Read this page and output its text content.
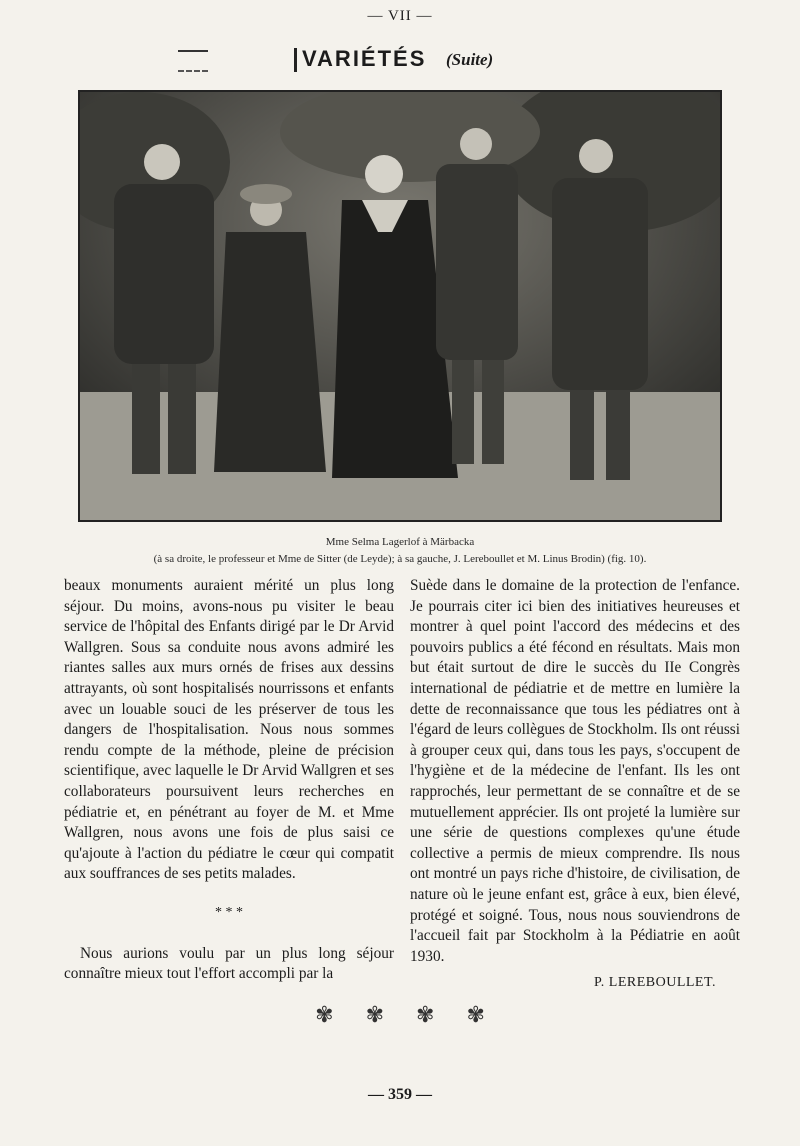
— VII —
VARIÉTÉS (Suite)
Mme Selma Lagerlof à Märbacka
(à sa droite, le professeur et Mme de Sitter (de Leyde); à sa gauche, J. Lereboullet et M. Linus Brodin) (fig. 10).

beaux monuments auraient mérité un plus long séjour. Du moins, avons-nous pu visiter le beau service de l'hôpital des Enfants dirigé par le Dr Arvid Wallgren. Sous sa conduite nous avons admiré les riantes salles aux murs ornés de frises aux dessins attrayants, où sont hospitalisés nourrissons et enfants avec un louable souci de les préserver de tous les dangers de l'hospitalisation. Nous nous sommes rendu compte de la méthode, pleine de précision scientifique, avec laquelle le Dr Arvid Wallgren et ses collaborateurs poursuivent leurs recherches en pédiatrie et, en pénétrant au foyer de M. et Mme Wallgren, nous avons une fois de plus saisi ce qu'ajoute à l'action du pédiatre le cœur qui compatit aux souffrances de ses petits malades.

* * *

Nous aurions voulu par un plus long séjour connaître mieux tout l'effort accompli par la

Suède dans le domaine de la protection de l'enfance. Je pourrais citer ici bien des initiatives heureuses et montrer à quel point l'accord des médecins et des pouvoirs publics a été fécond en résultats. Mais mon but était surtout de dire le succès du IIe Congrès international de pédiatrie et de mettre en lumière la dette de reconnaissance que tous les pédiatres ont à l'égard de leurs collègues de Stockholm. Ils ont réussi à grouper ceux qui, dans tous les pays, s'occupent de l'hygiène et de la médecine de l'enfant. Ils les ont rapprochés, leur permettant de se connaître et de se mutuellement apprécier. Ils ont projeté la lumière sur une série de questions complexes qu'une étude collective a permis de mieux comprendre. Ils nous ont montré un pays riche d'histoire, de civilisation, de nature où le jeune enfant est, grâce à eux, bien élevé, protégé et soigné. Tous, nous nous souviendrons de l'accueil fait par Stockholm à la Pédiatrie en août 1930.

P. LEREBOULLET.
✾ ✾ ✾ ✾
— 359 —
